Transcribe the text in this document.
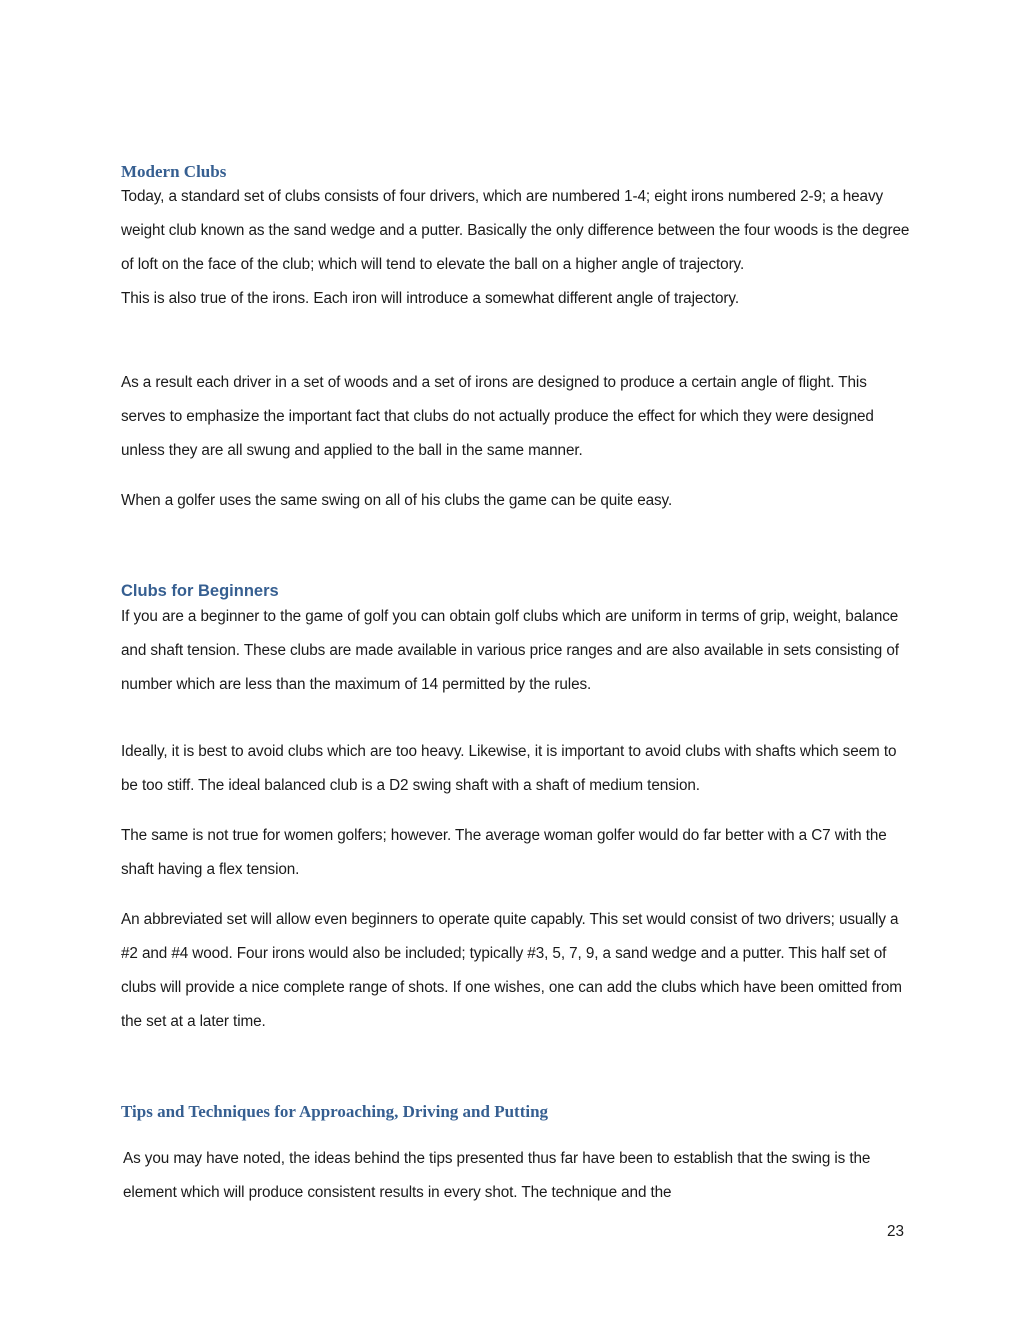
Modern Clubs

Today, a standard set of clubs consists of four drivers, which are numbered 1-4; eight irons numbered 2-9; a heavy weight club known as the sand wedge and a putter. Basically the only difference between the four woods is the degree of loft on the face of the club; which will tend to elevate the ball on a higher angle of trajectory.

This is also true of the irons. Each iron will introduce a somewhat different angle of trajectory.

As a result each driver in a set of woods and a set of irons are designed to produce a certain angle of flight. This serves to emphasize the important fact that clubs do not actually produce the effect for which they were designed unless they are all swung and applied to the ball in the same manner.

When a golfer uses the same swing on all of his clubs the game can be quite easy.

Clubs for Beginners

If you are a beginner to the game of golf you can obtain golf clubs which are uniform in terms of grip, weight, balance and shaft tension. These clubs are made available in various price ranges and are also available in sets consisting of number which are less than the maximum of 14 permitted by the rules.

Ideally, it is best to avoid clubs which are too heavy. Likewise, it is important to avoid clubs with shafts which seem to be too stiff. The ideal balanced club is a D2 swing shaft with a shaft of medium tension.

The same is not true for women golfers; however. The average woman golfer would do far better with a C7 with the shaft having a flex tension.

An abbreviated set will allow even beginners to operate quite capably. This set would consist of two drivers; usually a #2 and #4 wood. Four irons would also be included; typically #3, 5, 7, 9, a sand wedge and a putter. This half set of clubs will provide a nice complete range of shots. If one wishes, one can add the clubs which have been omitted from the set at a later time.

Tips and Techniques for Approaching, Driving and Putting

As you may have noted, the ideas behind the tips presented thus far have been to establish that the swing is the element which will produce consistent results in every shot. The technique and the

23
